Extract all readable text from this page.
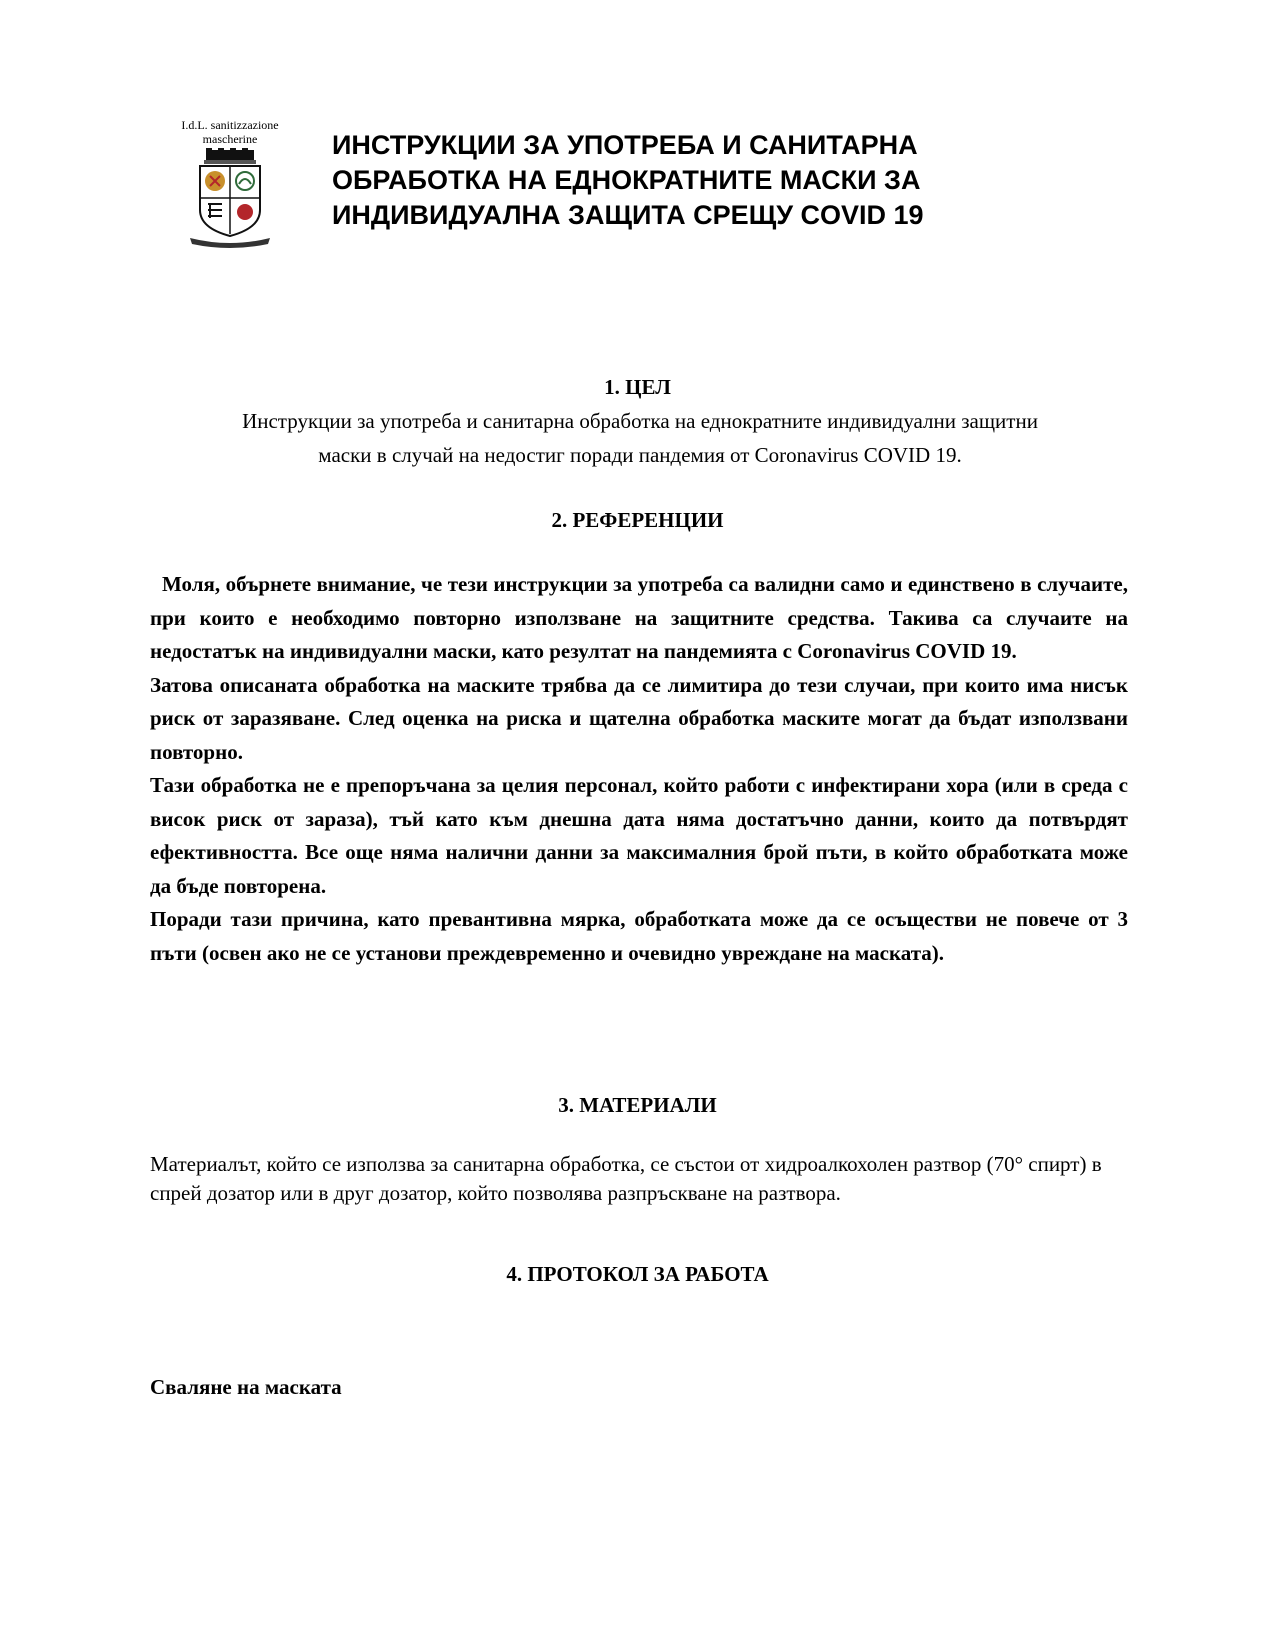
I.d.L. sanitizzazione
mascherine	ИНСТРУКЦИИ ЗА УПОТРЕБА И САНИТАРНА
ОБРАБОТКА НА ЕДНОКРАТНИТЕ МАСКИ ЗА
ИНДИВИДУАЛНА ЗАЩИТА СРЕЩУ COVID 19
1. ЦЕЛ
Инструкции за употреба и санитарна обработка на еднократните индивидуални защитни
маски в случай на недостиг поради пандемия от Coronavirus COVID 19.
2. РЕФЕРЕНЦИИ

Моля, обърнете внимание, че тези инструкции за употреба са валидни само и единствено в случаите, при които е необходимо повторно използване на защитните средства. Такива са случаите на недостатък на индивидуални маски, като резултат на пандемията с Coronavirus COVID 19.

Затова описаната обработка на маските трябва да се лимитира до тези случаи, при които има нисък риск от заразяване. След оценка на риска и щателна обработка маските могат да бъдат използвани повторно.

Тази обработка не е препоръчана за целия персонал, който работи с инфектирани хора (или в среда с висок риск от зараза), тъй като към днешна дата няма достатъчно данни, които да потвърдят ефективността. Все още няма налични данни за максималния брой пъти, в който обработката може да бъде повторена.

Поради тази причина, като превантивна мярка, обработката може да се осъществи не повече от 3 пъти (освен ако не се установи преждевременно и очевидно увреждане на маската).

3. МАТЕРИАЛИ
Материалът, който се използва за санитарна обработка, се състои от хидроалкохолен разтвор (70° спирт) в спрей дозатор или в друг дозатор, който позволява разпръскване на разтвора.
4. ПРОТОКОЛ ЗА РАБОТА
Сваляне на маската
